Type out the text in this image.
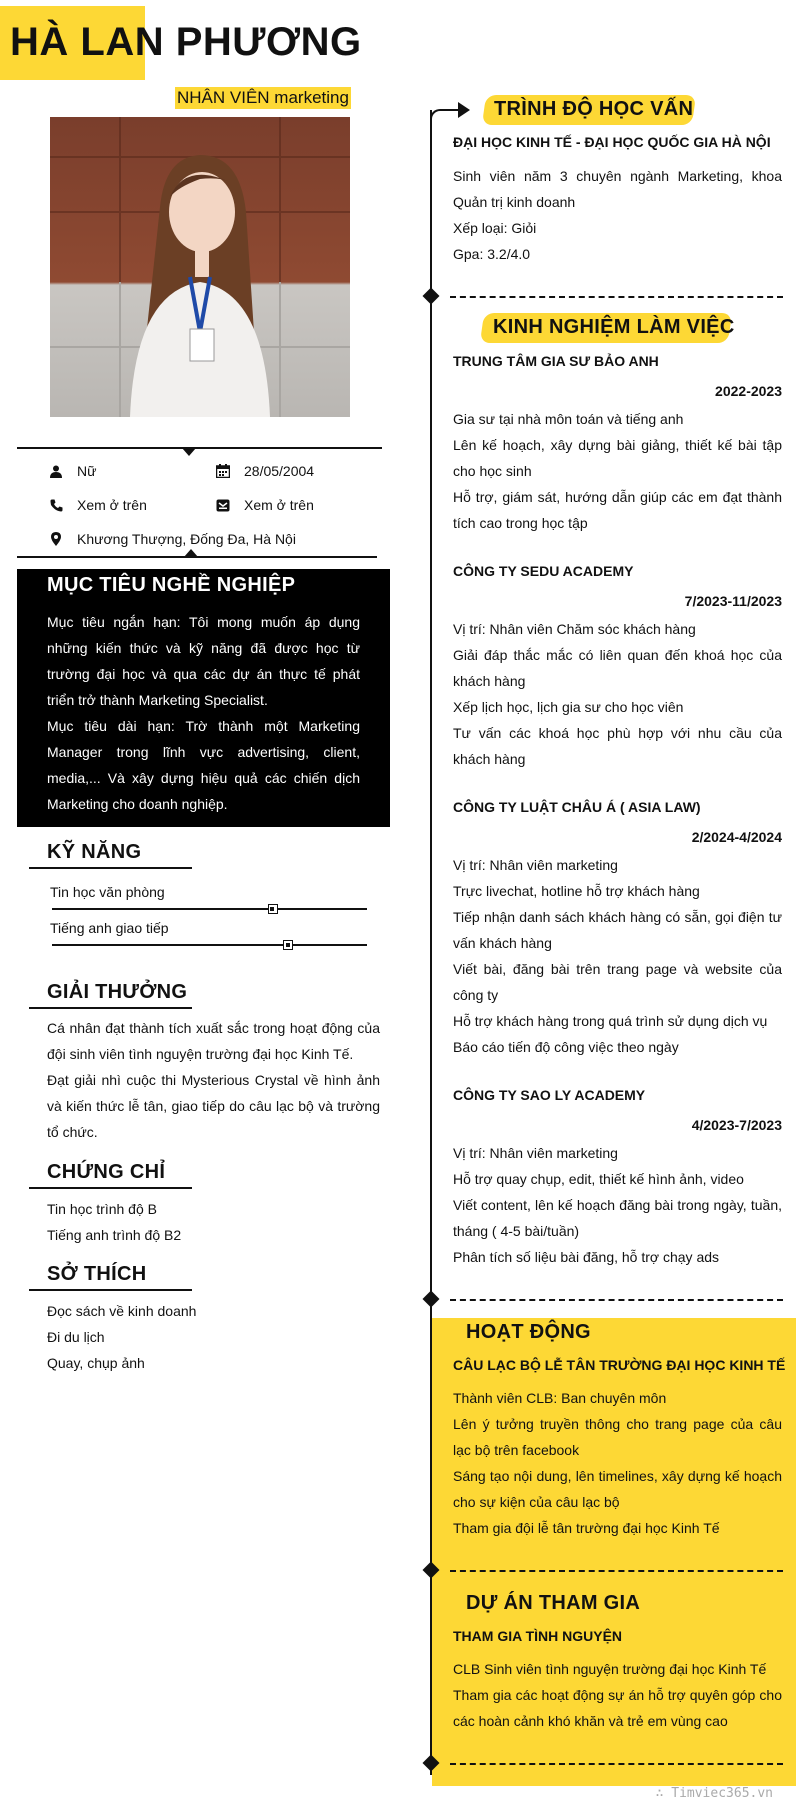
HÀ LAN PHƯƠNG
NHÂN VIÊN marketing
Nữ	28/05/2004
Xem ở trên	Xem ở trên
Khương Thượng, Đống Đa, Hà Nội
MỤC TIÊU NGHỀ NGHIỆP
Mục tiêu ngắn hạn: Tôi mong muốn áp dụng những kiến thức và kỹ năng đã được học từ trường đại học và qua các dự án thực tế phát triển trở thành Marketing Specialist.
Mục tiêu dài hạn: Trờ thành một Marketing Manager trong lĩnh vực advertising, client, media,... Và xây dựng hiệu quả các chiến dịch Marketing cho doanh nghiệp.
KỸ NĂNG
Tin học văn phòng
Tiếng anh giao tiếp
GIẢI THƯỞNG
Cá nhân đạt thành tích xuất sắc trong hoạt động của đội sinh viên tình nguyện trường đại học Kinh Tế.
Đạt giải nhì cuộc thi Mysterious Crystal về hình ảnh và kiến thức lễ tân, giao tiếp do câu lạc bộ và trường tổ chức.
CHỨNG CHỈ
Tin học trình độ B
Tiếng anh trình độ B2
SỞ THÍCH
Đọc sách về kinh doanh
Đi du lịch
Quay, chụp ảnh
TRÌNH ĐỘ HỌC VẤN
ĐẠI HỌC KINH TẾ - ĐẠI HỌC QUỐC GIA HÀ NỘI
Sinh viên năm 3 chuyên ngành Marketing, khoa Quản trị kinh doanh
Xếp loại: Giỏi
Gpa: 3.2/4.0
KINH NGHIỆM LÀM VIỆC
TRUNG TÂM GIA SƯ BẢO ANH
2022-2023
Gia sư tại nhà môn toán và tiếng anh
Lên kế hoạch, xây dựng bài giảng, thiết kế bài tập cho học sinh
Hỗ trợ, giám sát, hướng dẫn giúp các em đạt thành tích cao trong học tập
CÔNG TY SEDU ACADEMY
7/2023-11/2023
Vị trí: Nhân viên Chăm sóc khách hàng
Giải đáp thắc mắc có liên quan đến khoá học của khách hàng
Xếp lịch học, lịch gia sư cho học viên
Tư vấn các khoá học phù hợp với nhu cầu của khách hàng
CÔNG TY LUẬT CHÂU Á ( ASIA LAW)
2/2024-4/2024
Vị trí: Nhân viên marketing
Trực livechat, hotline hỗ trợ khách hàng
Tiếp nhận danh sách khách hàng có sẵn, gọi điện tư vấn khách hàng
Viết bài, đăng bài trên trang page và website của công ty
Hỗ trợ khách hàng trong quá trình sử dụng dịch vụ
Báo cáo tiến độ công việc theo ngày
CÔNG TY SAO LY ACADEMY
4/2023-7/2023
Vị trí: Nhân viên marketing
Hỗ trợ quay chụp, edit, thiết kế hình ảnh, video
Viết content, lên kế hoạch đăng bài trong ngày, tuần, tháng ( 4-5 bài/tuần)
Phân tích số liệu bài đăng, hỗ trợ chạy ads
HOẠT ĐỘNG
CÂU LẠC BỘ LỄ TÂN TRƯỜNG ĐẠI HỌC KINH TẾ
Thành viên CLB: Ban chuyên môn
Lên ý tưởng truyền thông cho trang page của câu lạc bộ trên facebook
Sáng tạo nội dung, lên timelines, xây dựng kế hoạch cho sự kiện của câu lạc bộ
Tham gia đội lễ tân trường đại học Kinh Tế
DỰ ÁN THAM GIA
THAM GIA TÌNH NGUYỆN
CLB Sinh viên tình nguyện trường đại học Kinh Tế
Tham gia các hoạt động sự án hỗ trợ quyên góp cho các hoàn cảnh khó khăn và trẻ em vùng cao
∴ Timviec365.vn
